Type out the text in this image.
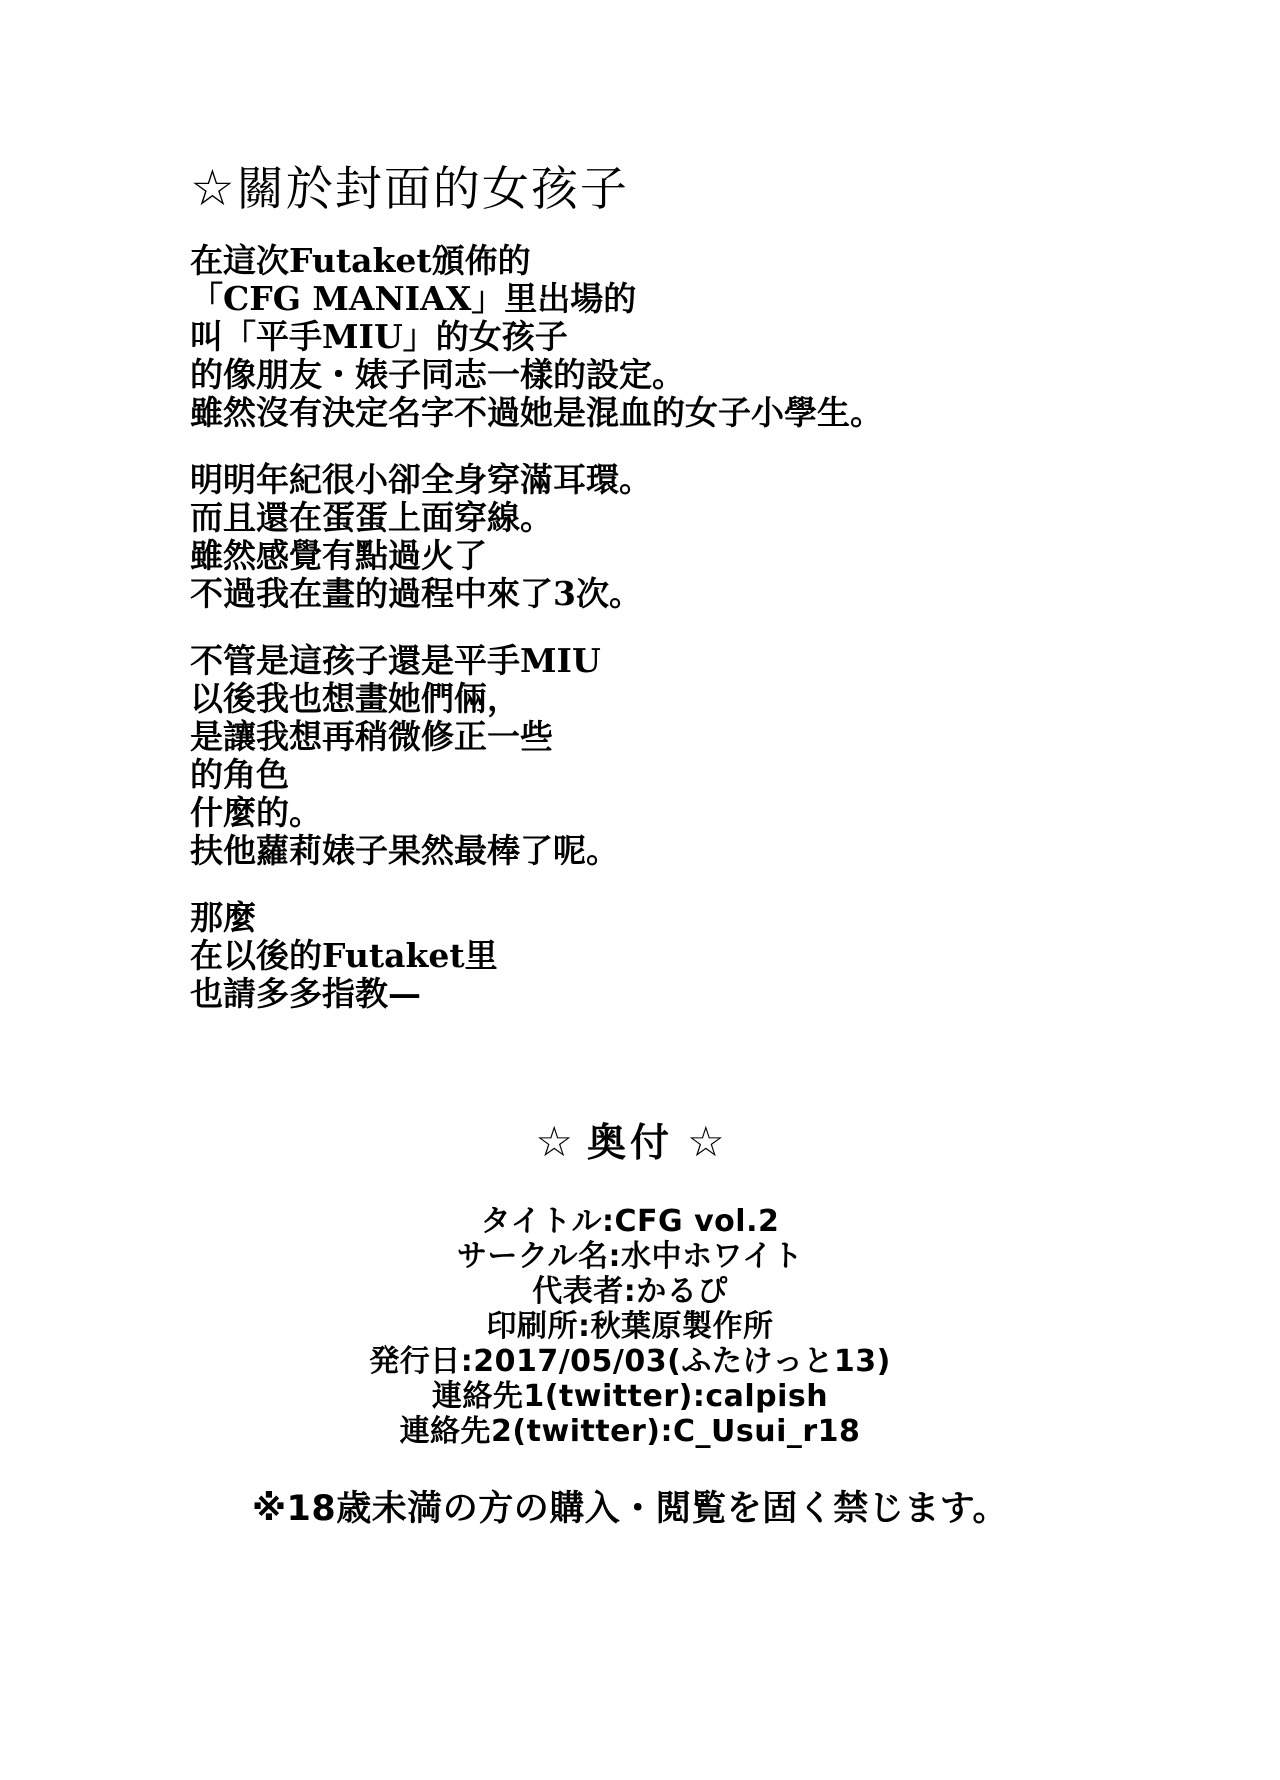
☆關於封面的女孩子
在這次Futaket頒佈的
「CFG MANIAX」里出場的
叫「平手MIU」的女孩子
的像朋友・婊子同志一樣的設定。
雖然沒有決定名字不過她是混血的女子小學生。
明明年紀很小卻全身穿滿耳環。
而且還在蛋蛋上面穿線。
雖然感覺有點過火了
不過我在畫的過程中來了3次。
不管是這孩子還是平手MIU
以後我也想畫她們倆，
是讓我想再稍微修正一些
的角色
什麼的。
扶他蘿莉婊子果然最棒了呢。
那麼
在以後的Futaket里
也請多多指教—
☆ 奥付 ☆
タイトル:CFG vol.2
サークル名:水中ホワイト
代表者:かるぴ
印刷所:秋葉原製作所
発行日:2017/05/03(ふたけっと13)
連絡先1(twitter):calpish
連絡先2(twitter):C_Usui_r18
※18歳未満の方の購入・閲覧を固く禁じます。
